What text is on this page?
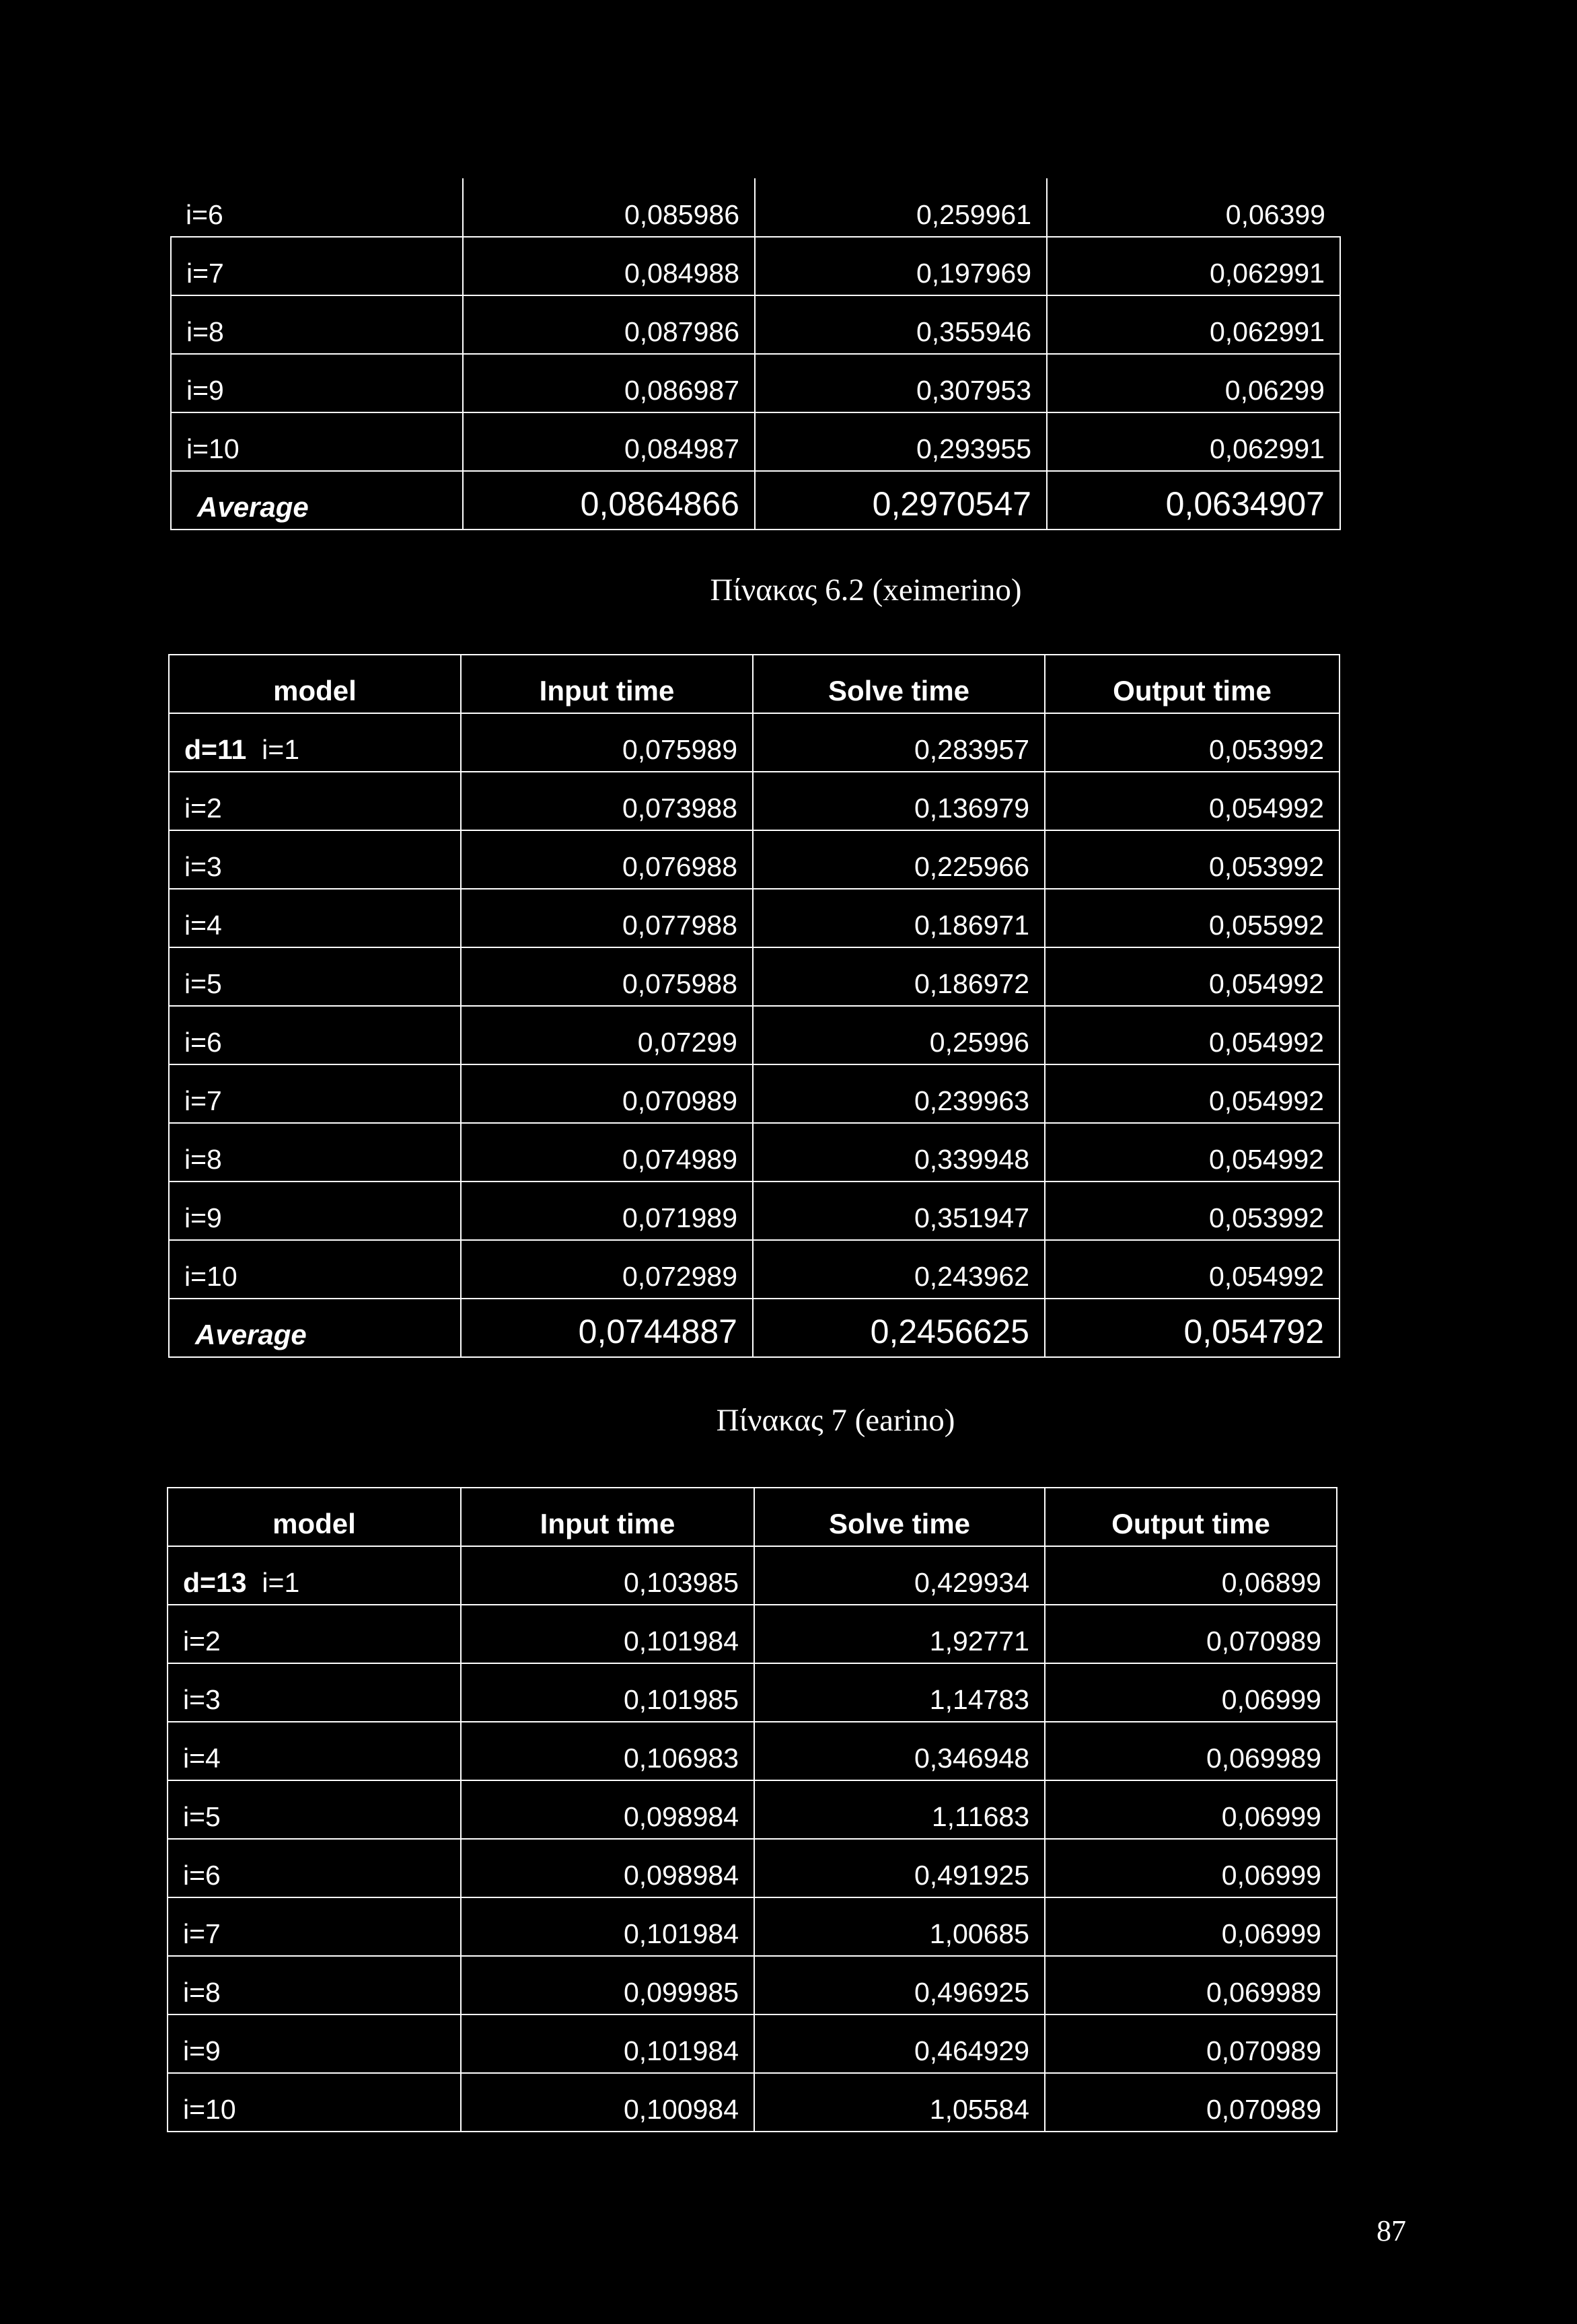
i=6	0,085986	0,259961	0,06399
i=7	0,084988	0,197969	0,062991
i=8	0,087986	0,355946	0,062991
i=9	0,086987	0,307953	0,06299
i=10	0,084987	0,293955	0,062991
Average	0,0864866	0,2970547	0,0634907
Πίνακας 6.2 (xeimerino)
model	Input time	Solve time	Output time
d=11 i=1	0,075989	0,283957	0,053992
i=2	0,073988	0,136979	0,054992
i=3	0,076988	0,225966	0,053992
i=4	0,077988	0,186971	0,055992
i=5	0,075988	0,186972	0,054992
i=6	0,07299	0,25996	0,054992
i=7	0,070989	0,239963	0,054992
i=8	0,074989	0,339948	0,054992
i=9	0,071989	0,351947	0,053992
i=10	0,072989	0,243962	0,054992
Average	0,0744887	0,2456625	0,054792
Πίνακας 7 (earino)
model	Input time	Solve time	Output time
d=13 i=1	0,103985	0,429934	0,06899
i=2	0,101984	1,92771	0,070989
i=3	0,101985	1,14783	0,06999
i=4	0,106983	0,346948	0,069989
i=5	0,098984	1,11683	0,06999
i=6	0,098984	0,491925	0,06999
i=7	0,101984	1,00685	0,06999
i=8	0,099985	0,496925	0,069989
i=9	0,101984	0,464929	0,070989
i=10	0,100984	1,05584	0,070989
87
